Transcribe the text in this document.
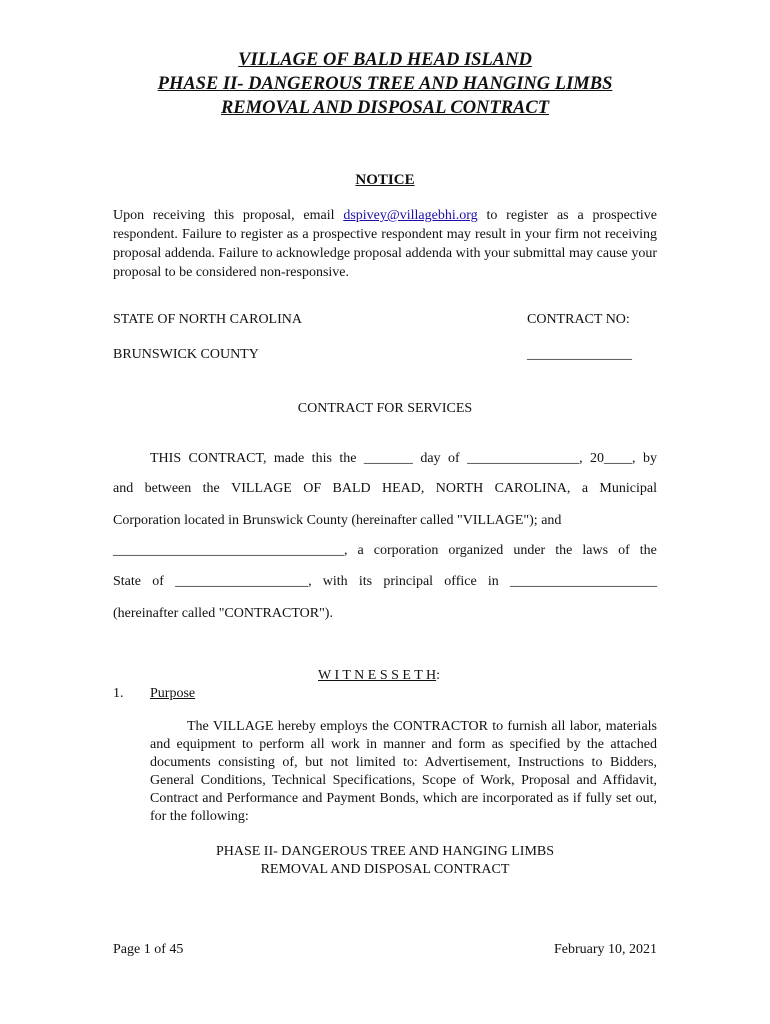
VILLAGE OF BALD HEAD ISLAND
PHASE II- DANGEROUS TREE AND HANGING LIMBS
REMOVAL AND DISPOSAL CONTRACT
NOTICE
Upon receiving this proposal, email dspivey@villagebhi.org to register as a prospective respondent. Failure to register as a prospective respondent may result in your firm not receiving proposal addenda. Failure to acknowledge proposal addenda with your submittal may cause your proposal to be considered non-responsive.
STATE OF NORTH CAROLINA	CONTRACT NO:
BRUNSWICK COUNTY	_______________
CONTRACT FOR SERVICES
THIS CONTRACT, made this the _______ day of ________________, 20____, by
and between the VILLAGE OF BALD HEAD, NORTH CAROLINA, a Municipal
Corporation located in Brunswick County (hereinafter called "VILLAGE"); and
_________________________________, a corporation organized under the laws of the
State of ___________________, with its principal office in _____________________
(hereinafter called "CONTRACTOR").
W I T N E S S E T H:
1. Purpose
The VILLAGE hereby employs the CONTRACTOR to furnish all labor, materials and equipment to perform all work in manner and form as specified by the attached documents consisting of, but not limited to: Advertisement, Instructions to Bidders, General Conditions, Technical Specifications, Scope of Work, Proposal and Affidavit, Contract and Performance and Payment Bonds, which are incorporated as if fully set out, for the following:
PHASE II- DANGEROUS TREE AND HANGING LIMBS
REMOVAL AND DISPOSAL CONTRACT
Page 1 of 45	February 10, 2021
